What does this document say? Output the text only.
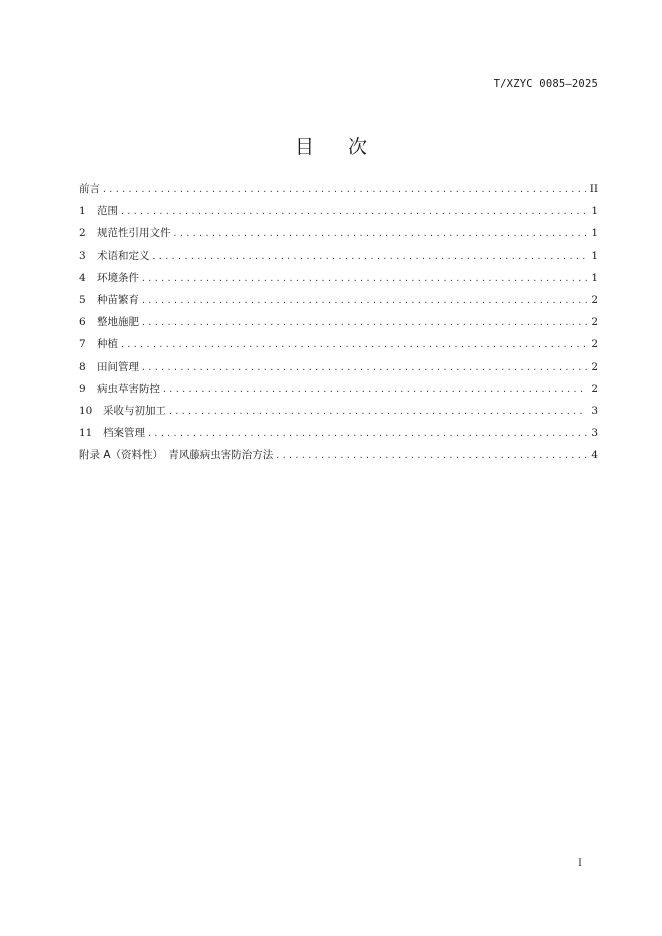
T/XZYC 0085—2025
目 次
前言 .....	II
1	范围 .....	1
2	规范性引用文件 .....	1
3	术语和定义 .....	1
4	环境条件 .....	1
5	种苗繁育 .....	2
6	整地施肥 .....	2
7	种植 .....	2
8	田间管理 .....	2
9	病虫草害防控 .....	2
10	采收与初加工 .....	3
11	档案管理 .....	3
附录 A（资料性）　青风藤病虫害防治方法 .....	4
I
